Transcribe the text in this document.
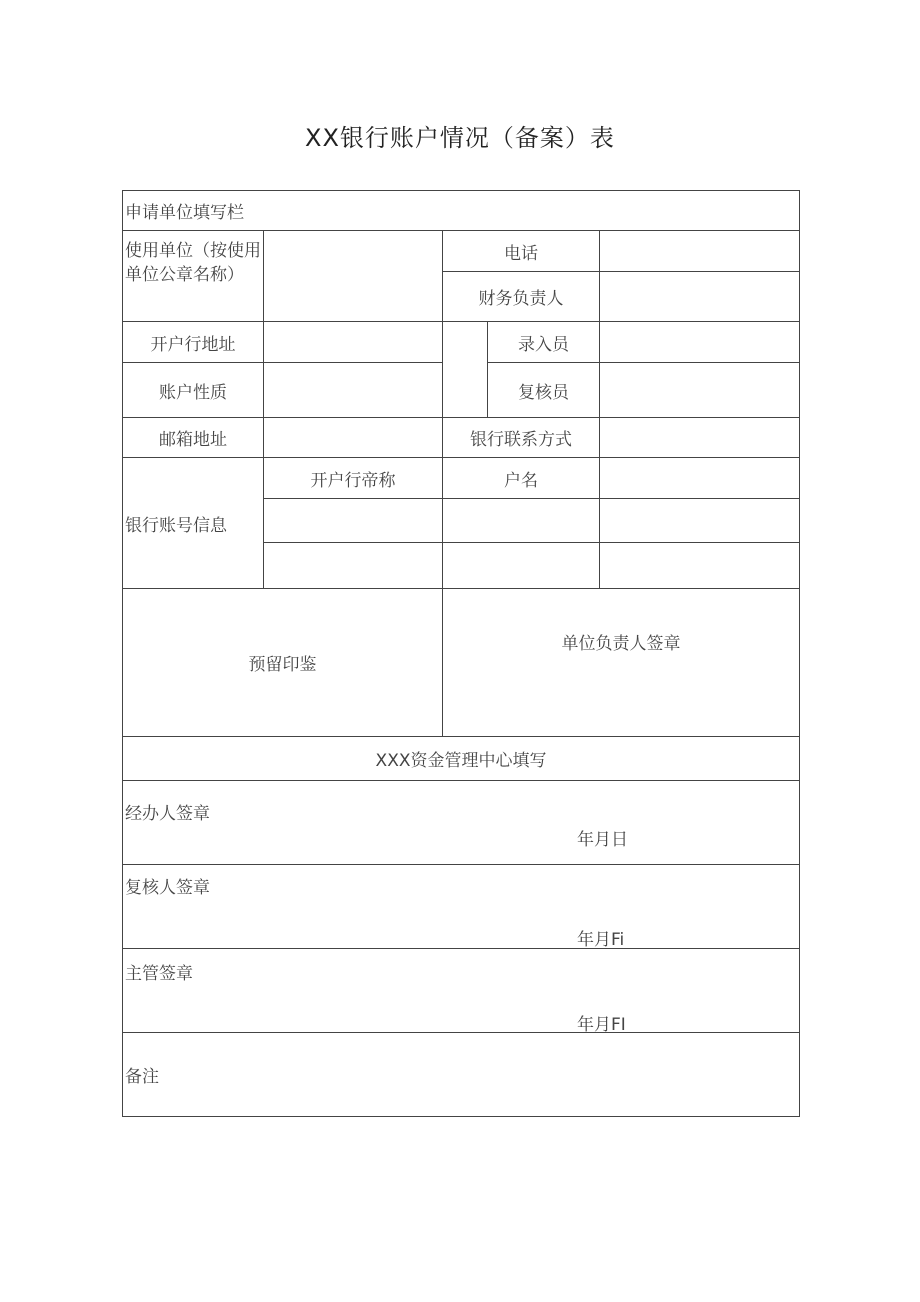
XX银行账户情况（备案）表
申请单位填写栏				
使用单位（按使用单位公章名称）		电话		
		财务负责人		
开户行地址			录入员	
账户性质			复核员	
邮箱地址		银行联系方式		
银行账号信息	开户行帝称	户名		

预留印鉴		单位负责人签章		
XXX资金管理中心填写				

经办人签章
年月日				

复核人签章
年月Fi				

主管签章
年月FI				

备注				
